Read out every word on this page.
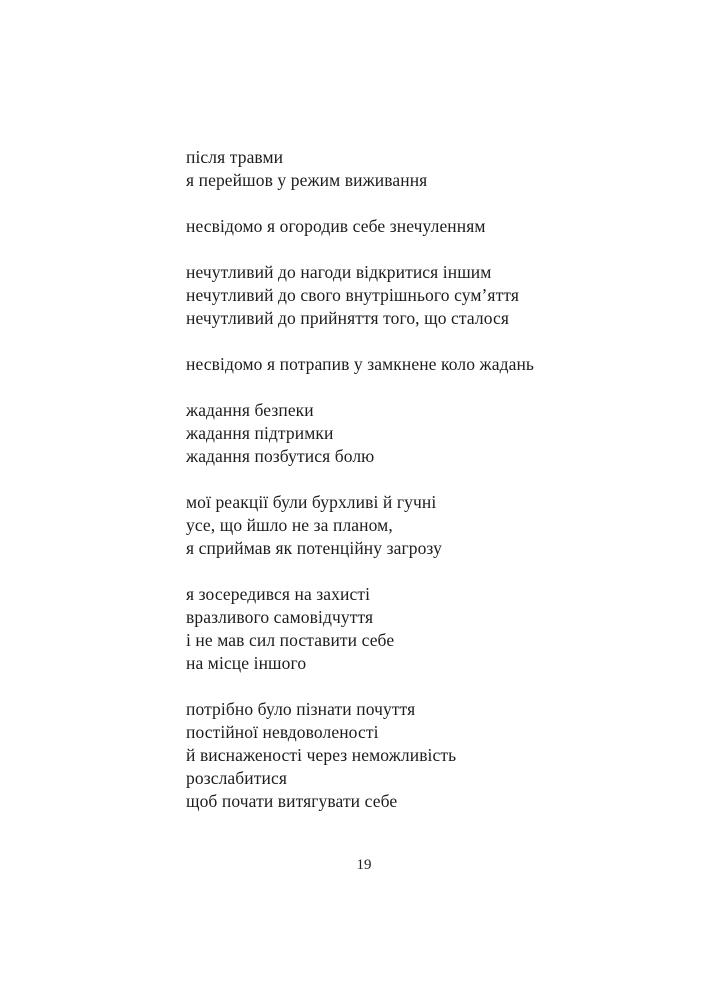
після травми
я перейшов у режим виживання
несвідомо я огородив себе знечуленням
нечутливий до нагоди відкритися іншим
нечутливий до свого внутрішнього сум’яття
нечутливий до прийняття того, що сталося
несвідомо я потрапив у замкнене коло жадань
жадання безпеки
жадання підтримки
жадання позбутися болю
мої реакції були бурхливі й гучні
усе, що йшло не за планом,
я сприймав як потенційну загрозу
я зосередився на захисті
вразливого самовідчуття
і не мав сил поставити себе
на місце іншого
потрібно було пізнати почуття
постійної невдоволеності
й виснаженості через неможливість
розслабитися
щоб почати витягувати себе
19
